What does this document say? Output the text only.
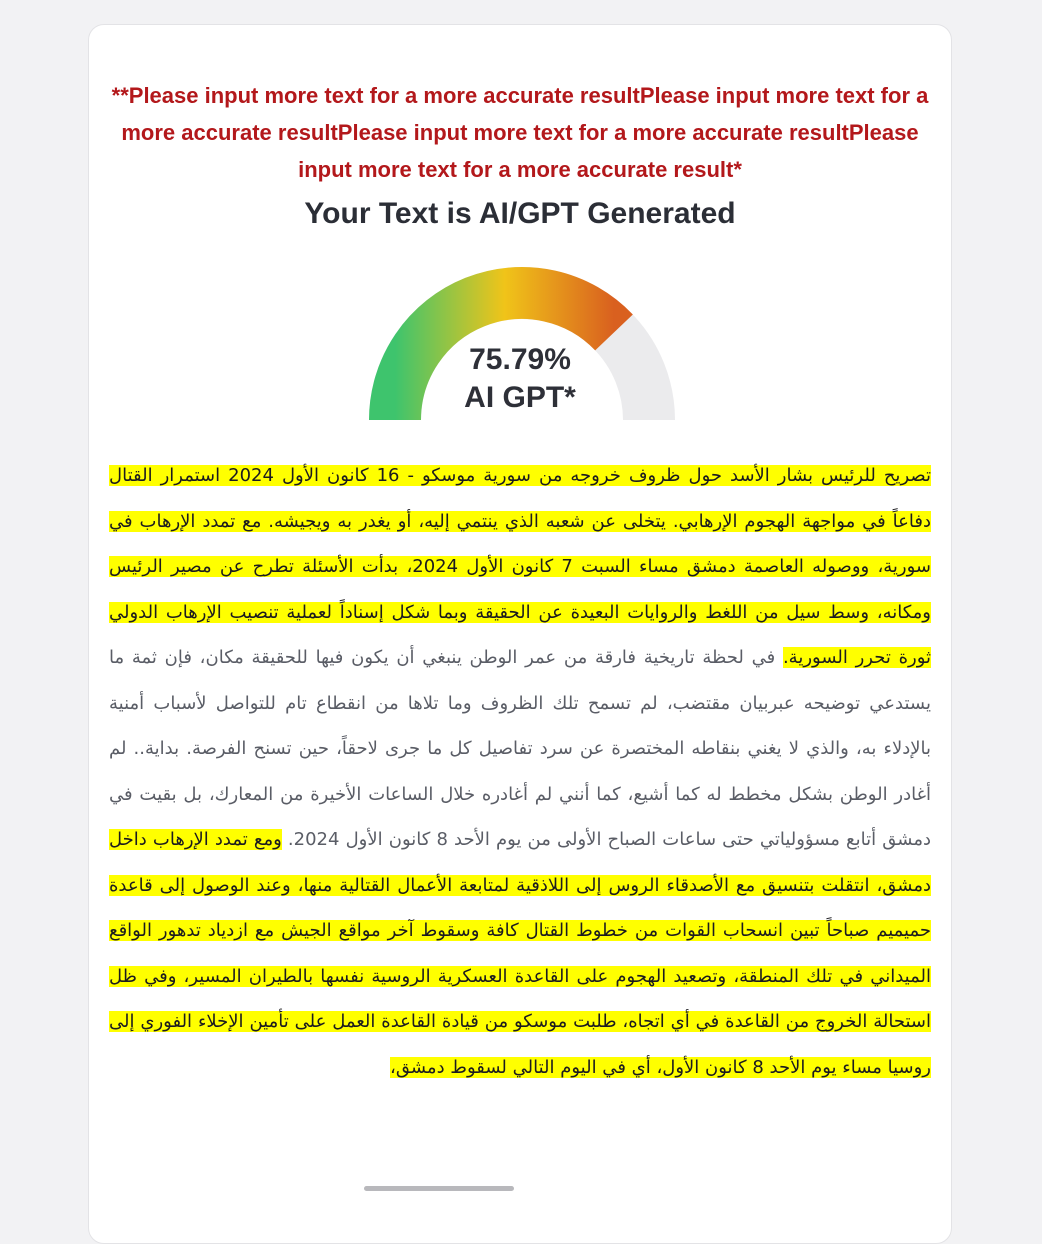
**Please input more text for a more accurate resultPlease input more text for a more accurate resultPlease input more text for a more accurate resultPlease input more text for a more accurate result*
Your Text is AI/GPT Generated
75.79%
AI GPT*
تصريح للرئيس بشار الأسد حول ظروف خروجه من سورية موسكو - 16 كانون الأول 2024 استمرار القتال دفاعاً في مواجهة الهجوم الإرهابي. يتخلى عن شعبه الذي ينتمي إليه، أو يغدر به ويجيشه. مع تمدد الإرهاب في سورية، ووصوله العاصمة دمشق مساء السبت 7 كانون الأول 2024، بدأت الأسئلة تطرح عن مصير الرئيس ومكانه، وسط سيل من اللغط والروايات البعيدة عن الحقيقة وبما شكل إسناداً لعملية تنصيب الإرهاب الدولي ثورة تحرر السورية. في لحظة تاريخية فارقة من عمر الوطن ينبغي أن يكون فيها للحقيقة مكان، فإن ثمة ما يستدعي توضيحه عبربيان مقتضب، لم تسمح تلك الظروف وما تلاها من انقطاع تام للتواصل لأسباب أمنية بالإدلاء به، والذي لا يغني بنقاطه المختصرة عن سرد تفاصيل كل ما جرى لاحقاً، حين تسنح الفرصة. بداية.. لم أغادر الوطن بشكل مخطط له كما أشيع، كما أنني لم أغادره خلال الساعات الأخيرة من المعارك، بل بقيت في دمشق أتابع مسؤولياتي حتى ساعات الصباح الأولى من يوم الأحد 8 كانون الأول 2024. ومع تمدد الإرهاب داخل دمشق، انتقلت بتنسيق مع الأصدقاء الروس إلى اللاذقية لمتابعة الأعمال القتالية منها، وعند الوصول إلى قاعدة حميميم صباحاً تبين انسحاب القوات من خطوط القتال كافة وسقوط آخر مواقع الجيش مع ازدياد تدهور الواقع الميداني في تلك المنطقة، وتصعيد الهجوم على القاعدة العسكرية الروسية نفسها بالطيران المسير، وفي ظل استحالة الخروج من القاعدة في أي اتجاه، طلبت موسكو من قيادة القاعدة العمل على تأمين الإخلاء الفوري إلى روسيا مساء يوم الأحد 8 كانون الأول، أي في اليوم التالي لسقوط دمشق،
